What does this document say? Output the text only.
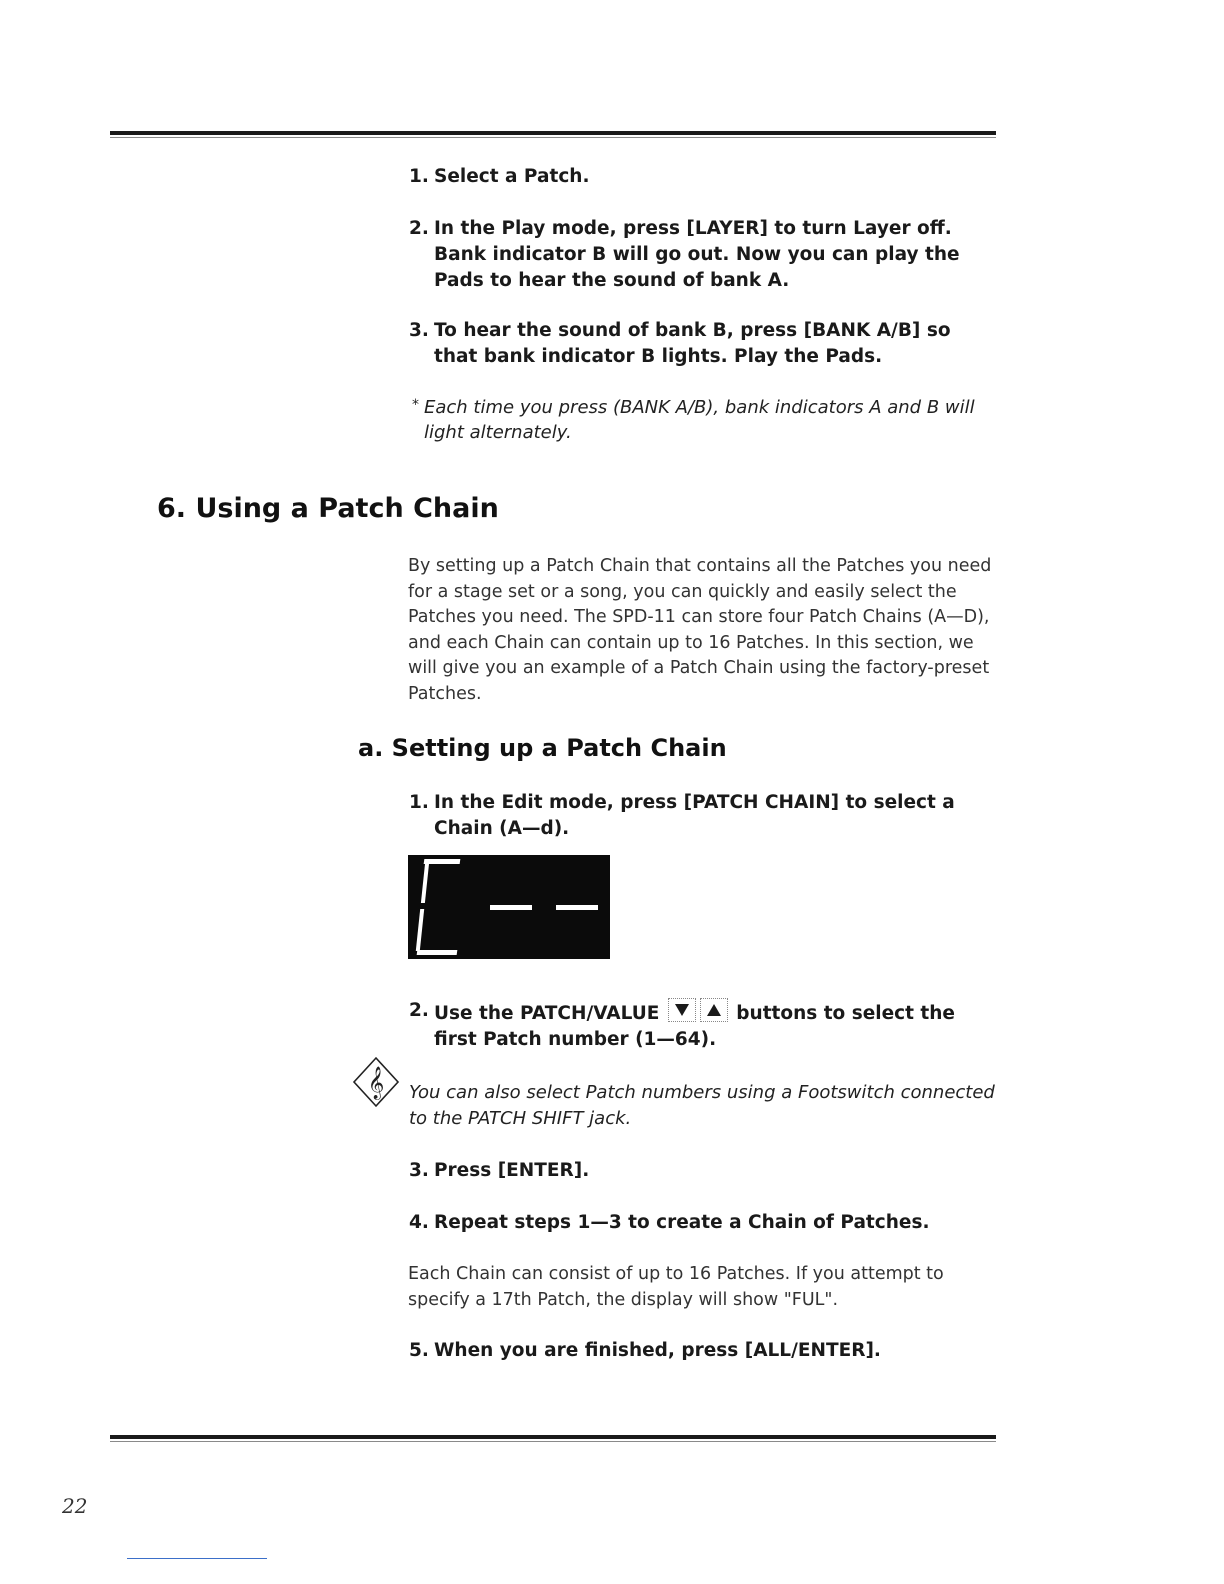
1. Select a Patch.
2. In the Play mode, press [LAYER] to turn Layer off. Bank indicator B will go out. Now you can play the Pads to hear the sound of bank A.
3. To hear the sound of bank B, press [BANK A/B] so that bank indicator B lights. Play the Pads.
* Each time you press (BANK A/B), bank indicators A and B will light alternately.
6. Using a Patch Chain
By setting up a Patch Chain that contains all the Patches you need for a stage set or a song, you can quickly and easily select the Patches you need. The SPD-11 can store four Patch Chains (A—D), and each Chain can contain up to 16 Patches. In this section, we will give you an example of a Patch Chain using the factory-preset Patches.
a. Setting up a Patch Chain
1. In the Edit mode, press [PATCH CHAIN] to select a Chain (A—d).
2. Use the PATCH/VALUE	buttons to select the first Patch number (1—64).
𝄞 You can also select Patch numbers using a Footswitch connected to the PATCH SHIFT jack.
3. Press [ENTER].
4. Repeat steps 1—3 to create a Chain of Patches.
Each Chain can consist of up to 16 Patches. If you attempt to specify a 17th Patch, the display will show "FUL".
5. When you are finished, press [ALL/ENTER].
22
